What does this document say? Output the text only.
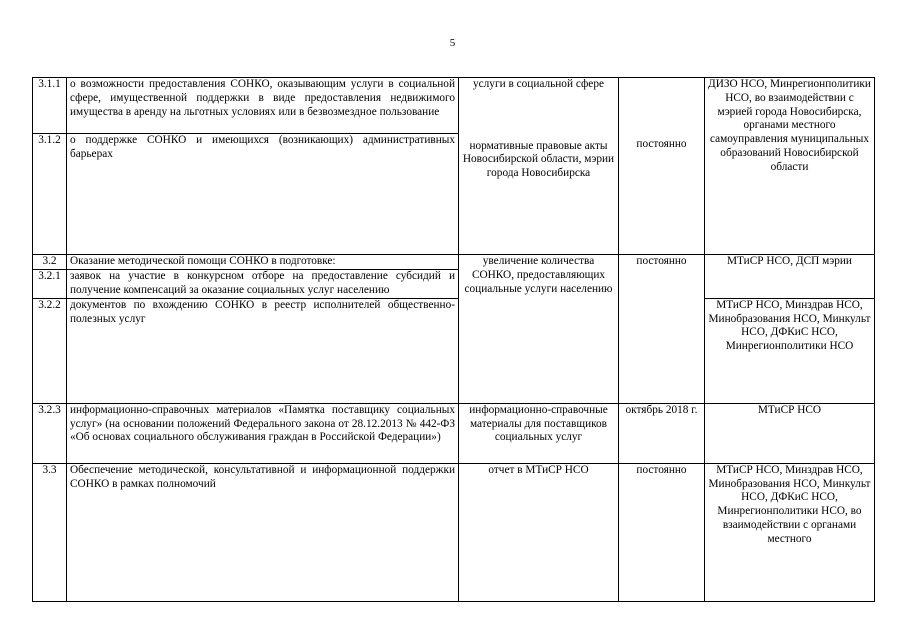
5
3.1.1	о возможности предоставления СОНКО, оказывающим услуги в социальной сфере, имущественной поддержки в виде предоставления недвижимого имущества в аренду на льготных условиях или в безвозмездное пользование	услуги в социальной сфере	постоянно	ДИЗО НСО, Минрегионполитики НСО, во взаимодействии с мэрией города Новосибирска, органами местного самоуправления муниципальных образований Новосибирской области
3.1.2	о поддержке СОНКО и имеющихся (возникающих) административных барьерах	нормативные правовые акты Новосибирской области, мэрии города Новосибирска		
3.2	Оказание методической помощи СОНКО в подготовке:	увеличение количества СОНКО, предоставляющих социальные услуги населению	постоянно	МТиСР НСО, ДСП мэрии
3.2.1	заявок на участие в конкурсном отборе на предоставление субсидий и получение компенсаций за оказание социальных услуг населению			
3.2.2	документов по вхождению СОНКО в реестр исполнителей общественно-полезных услуг			МТиСР НСО, Минздрав НСО, Минобразования НСО, Минкульт НСО, ДФКиС НСО, Минрегионполитики НСО
3.2.3	информационно-справочных материалов «Памятка поставщику социальных услуг» (на основании положений Федерального закона от 28.12.2013 № 442-ФЗ «Об основах социального обслуживания граждан в Российской Федерации»)	информационно-справочные материалы для поставщиков социальных услуг	октябрь 2018 г.	МТиСР НСО
3.3	Обеспечение методической, консультативной и информационной поддержки СОНКО в рамках полномочий	отчет в МТиСР НСО	постоянно	МТиСР НСО, Минздрав НСО, Минобразования НСО, Минкульт НСО, ДФКиС НСО, Минрегионполитики НСО, во взаимодействии с органами местного
